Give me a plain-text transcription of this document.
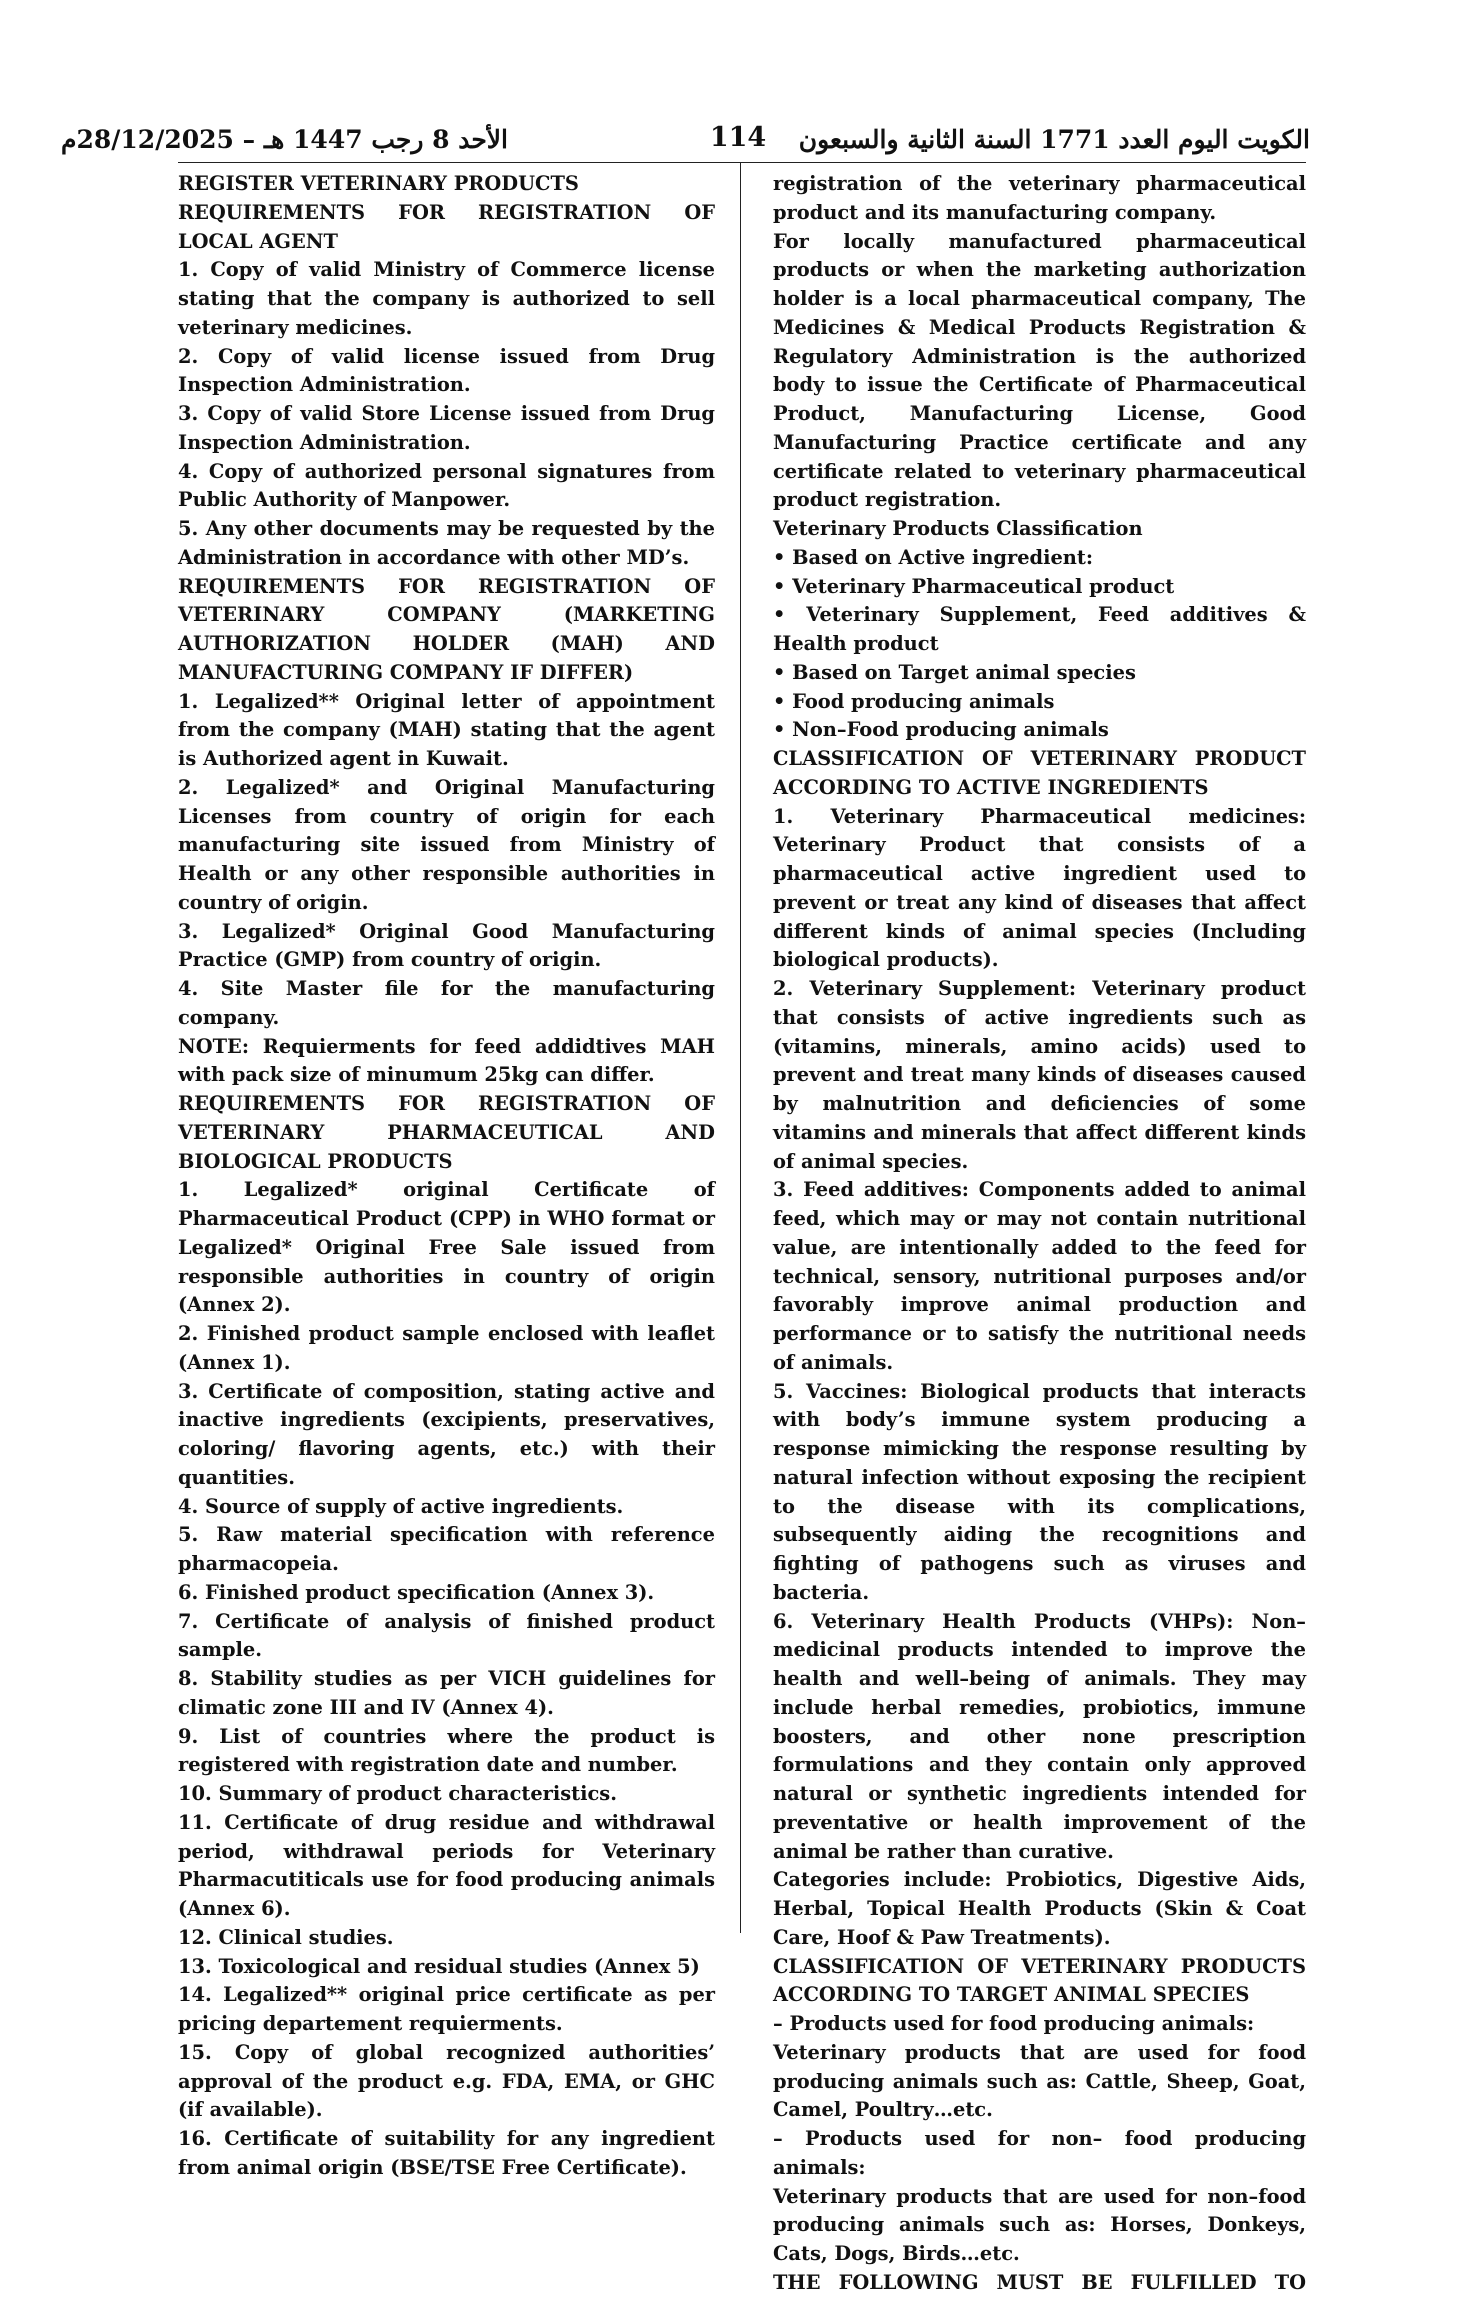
الأحد 8 رجب 1447 هـ – 28/12/2025م	114	الكويت اليوم العدد 1771 السنة الثانية والسبعون
REGISTER VETERINARY PRODUCTS
REQUIREMENTS FOR REGISTRATION OF LOCAL AGENT
1. Copy of valid Ministry of Commerce license stating that the company is authorized to sell veterinary medicines.
2. Copy of valid license issued from Drug Inspection Administration.
3. Copy of valid Store License issued from Drug Inspection Administration.
4. Copy of authorized personal signatures from Public Authority of Manpower.
5. Any other documents may be requested by the Administration in accordance with other MD’s.
REQUIREMENTS FOR REGISTRATION OF
VETERINARY	COMPANY	(MARKETING
AUTHORIZATION HOLDER (MAH) AND
MANUFACTURING COMPANY IF DIFFER)
1. Legalized** Original letter of appointment from the company (MAH) stating that the agent is Authorized agent in Kuwait.
2. Legalized* and Original Manufacturing Licenses from country of origin for each manufacturing site issued from Ministry of Health or any other responsible authorities in country of origin.
3. Legalized* Original Good Manufacturing Practice (GMP) from country of origin.
4. Site Master file for the manufacturing company.
NOTE: Requierments for feed addidtives MAH with pack size of minumum 25kg can differ.
REQUIREMENTS FOR REGISTRATION OF
VETERINARY	PHARMACEUTICAL	AND
BIOLOGICAL PRODUCTS
1. Legalized* original Certificate of Pharmaceutical Product (CPP) in WHO format or Legalized* Original Free Sale issued from responsible authorities in country of origin (Annex 2).
2. Finished product sample enclosed with leaflet (Annex 1).
3. Certificate of composition, stating active and inactive ingredients (excipients, preservatives, coloring/ flavoring agents, etc.) with their quantities.
4. Source of supply of active ingredients.
5. Raw material specification with reference
pharmacopeia.
6. Finished product specification (Annex 3).
7. Certificate of analysis of finished product sample.
8. Stability studies as per VICH guidelines for climatic zone III and IV (Annex 4).
9. List of countries where the product is registered with registration date and number.
10. Summary of product characteristics.
11. Certificate of drug residue and withdrawal period, withdrawal periods for Veterinary Pharmacutiticals use for food producing animals (Annex 6).
12. Clinical studies.
13. Toxicological and residual studies (Annex 5)
14. Legalized** original price certificate as per pricing departement requierments.
15. Copy of global recognized authorities’ approval of the product e.g. FDA, EMA, or GHC (if available).
16. Certificate of suitability for any ingredient from animal origin (BSE/TSE Free Certificate).
registration of the veterinary pharmaceutical product and its manufacturing company.
For locally manufactured pharmaceutical products or when the marketing authorization holder is a local pharmaceutical company, The Medicines & Medical Products Registration & Regulatory Administration is the authorized body to issue the Certificate of Pharmaceutical Product, Manufacturing License, Good Manufacturing Practice certificate and any certificate related to veterinary pharmaceutical product registration.
Veterinary Products Classification
• Based on Active ingredient:
• Veterinary Pharmaceutical product
• Veterinary Supplement, Feed additives & Health product
• Based on Target animal species
• Food producing animals
• Non–Food producing animals
CLASSIFICATION OF VETERINARY PRODUCT
ACCORDING TO ACTIVE INGREDIENTS
1. Veterinary Pharmaceutical medicines: Veterinary Product that consists of a pharmaceutical active ingredient used to prevent or treat any kind of diseases that affect different kinds of animal species (Including biological products).
2. Veterinary Supplement: Veterinary product that consists of active ingredients such as (vitamins, minerals, amino acids) used to prevent and treat many kinds of diseases caused by malnutrition and deficiencies of some vitamins and minerals that affect different kinds of animal species.
3. Feed additives: Components added to animal feed, which may or may not contain nutritional value, are intentionally added to the feed for technical, sensory, nutritional purposes and/or favorably improve animal production and performance or to satisfy the nutritional needs of animals.
5. Vaccines: Biological products that interacts with body’s immune system producing a response mimicking the response resulting by natural infection without exposing the recipient to the disease with its complications, subsequently aiding the recognitions and fighting of pathogens such as viruses and bacteria.
6. Veterinary Health Products (VHPs): Non–medicinal products intended to improve the health and well–being of animals. They may include herbal remedies, probiotics, immune boosters, and other none prescription formulations and they contain only approved natural or synthetic ingredients intended for preventative or health improvement of the animal be rather than curative.
Categories include: Probiotics, Digestive Aids, Herbal, Topical Health Products (Skin & Coat Care, Hoof & Paw Treatments).
CLASSIFICATION OF VETERINARY PRODUCTS
ACCORDING TO TARGET ANIMAL SPECIES
– Products used for food producing animals:
Veterinary products that are used for food producing animals such as: Cattle, Sheep, Goat, Camel, Poultry…etc.
– Products used for non– food producing animals:
Veterinary products that are used for non–food producing animals such as: Horses, Donkeys, Cats, Dogs, Birds…etc.
THE FOLLOWING MUST BE FULFILLED TO
